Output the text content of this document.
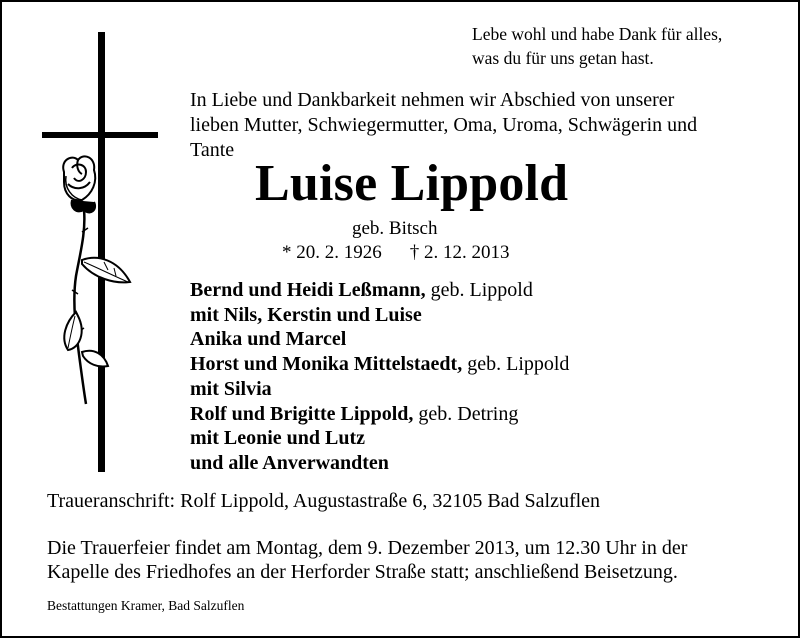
Lebe wohl und habe Dank für alles,
was du für uns getan hast.
In Liebe und Dankbarkeit nehmen wir Abschied von unserer
lieben Mutter, Schwiegermutter, Oma, Uroma, Schwägerin und
Tante
Luise Lippold
geb. Bitsch
* 20. 2. 1926 † 2. 12. 2013
Bernd und Heidi Leßmann, geb. Lippold
mit Nils, Kerstin und Luise
Anika und Marcel
Horst und Monika Mittelstaedt, geb. Lippold
mit Silvia
Rolf und Brigitte Lippold, geb. Detring
mit Leonie und Lutz
und alle Anverwandten
Traueranschrift: Rolf Lippold, Augustastraße 6, 32105 Bad Salzuflen
Die Trauerfeier findet am Montag, dem 9. Dezember 2013, um 12.30 Uhr in der
Kapelle des Friedhofes an der Herforder Straße statt; anschließend Beisetzung.
Bestattungen Kramer, Bad Salzuflen
